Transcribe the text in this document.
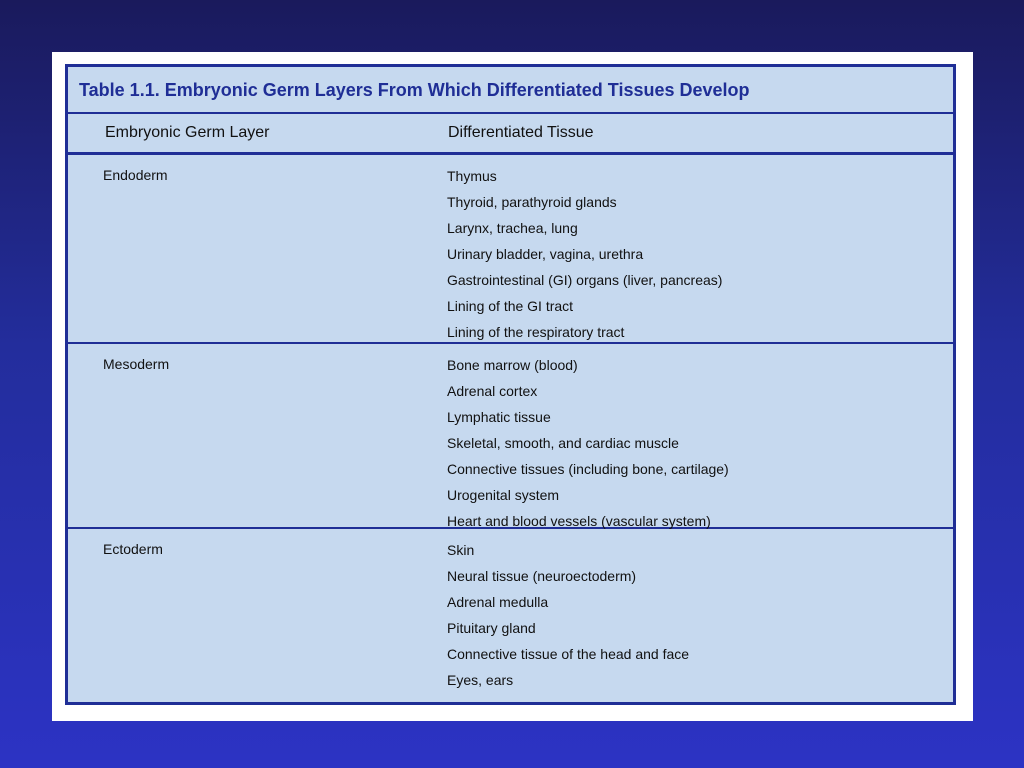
Table 1.1. Embryonic Germ Layers From Which Differentiated Tissues Develop
Embryonic Germ Layer	Differentiated Tissue
Endoderm	Thymus
Thyroid, parathyroid glands
Larynx, trachea, lung
Urinary bladder, vagina, urethra
Gastrointestinal (GI) organs (liver, pancreas)
Lining of the GI tract
Lining of the respiratory tract
Mesoderm	Bone marrow (blood)
Adrenal cortex
Lymphatic tissue
Skeletal, smooth, and cardiac muscle
Connective tissues (including bone, cartilage)
Urogenital system
Heart and blood vessels (vascular system)
Ectoderm	Skin
Neural tissue (neuroectoderm)
Adrenal medulla
Pituitary gland
Connective tissue of the head and face
Eyes, ears
